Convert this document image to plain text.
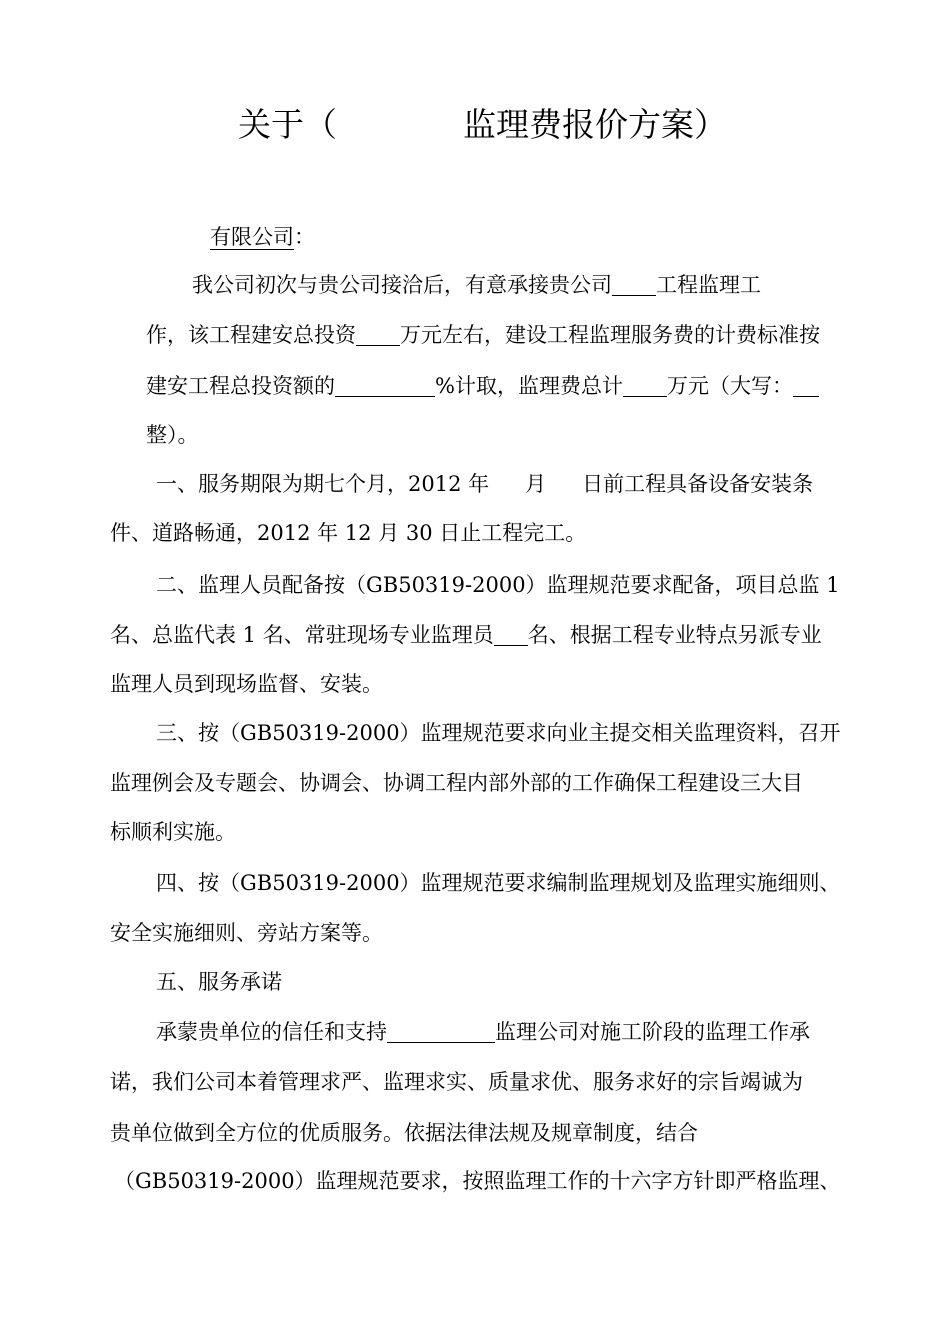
关于（	监理费报价方案）
有限公司：
我公司初次与贵公司接洽后，有意承接贵公司 工程监理工
作，该工程建安总投资 万元左右，建设工程监理服务费的计费标准按
建安工程总投资额的	%计取，监理费总计 万元（大写：
整）。
一、服务期限为期七个月，2012 年 月 日前工程具备设备安装条
件、道路畅通，2012 年 12 月 30 日止工程完工。
二、监理人员配备按（GB50319-2000）监理规范要求配备，项目总监 1
名、总监代表 1 名、常驻现场专业监理员 名、根据工程专业特点另派专业
监理人员到现场监督、安装。
三、按（GB50319-2000）监理规范要求向业主提交相关监理资料，召开
监理例会及专题会、协调会、协调工程内部外部的工作确保工程建设三大目
标顺利实施。
四、按（GB50319-2000）监理规范要求编制监理规划及监理实施细则、
安全实施细则、旁站方案等。
五、服务承诺
承蒙贵单位的信任和支持	监理公司对施工阶段的监理工作承
诺，我们公司本着管理求严、监理求实、质量求优、服务求好的宗旨竭诚为
贵单位做到全方位的优质服务。依据法律法规及规章制度，结合
（GB50319-2000）监理规范要求，按照监理工作的十六字方针即严格监理、
